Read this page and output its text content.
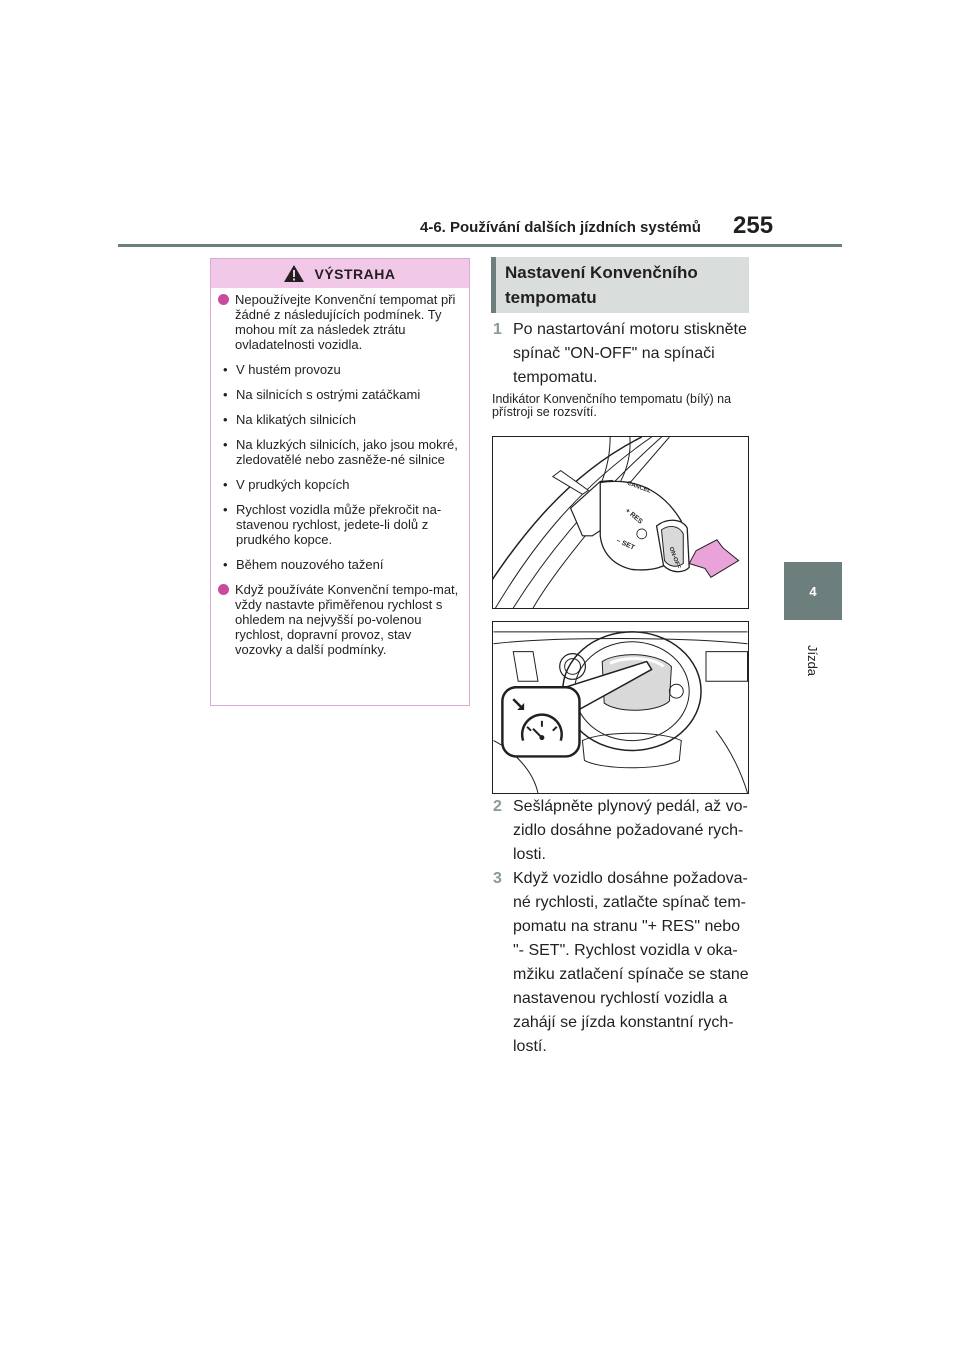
4-6. Používání dalších jízdních systémů 255
4
Jízda
VÝSTRAHA
Nepoužívejte Konvenční tempomat při žádné z následujících podmínek. Ty mohou mít za následek ztrátu ovladatelnosti vozidla.
• V hustém provozu
• Na silnicích s ostrými zatáčkami
• Na klikatých silnicích
• Na kluzkých silnicích, jako jsou mokré, zledovatělé nebo zasněže-né silnice
• V prudkých kopcích
• Rychlost vozidla může překročit na-stavenou rychlost, jedete-li dolů z prudkého kopce.
• Během nouzového tažení
Když používáte Konvenční tempo-mat, vždy nastavte přiměřenou rychlost s ohledem na nejvyšší po-volenou rychlost, dopravní provoz, stav vozovky a další podmínky.
Nastavení Konvenčního tempomatu
1 Po nastartování motoru stiskněte spínač "ON-OFF" na spínači tempomatu.
Indikátor Konvenčního tempomatu (bílý) na přístroji se rozsvítí.
ON-OFF
CANCEL
+ RES
– SET
2 Sešlápněte plynový pedál, až vo-zidlo dosáhne požadované rych-losti.
3 Když vozidlo dosáhne požadova-né rychlosti, zatlačte spínač tem-pomatu na stranu "+ RES" nebo "- SET". Rychlost vozidla v oka-mžiku zatlačení spínače se stane nastavenou rychlostí vozidla a zahájí se jízda konstantní rych-lostí.
